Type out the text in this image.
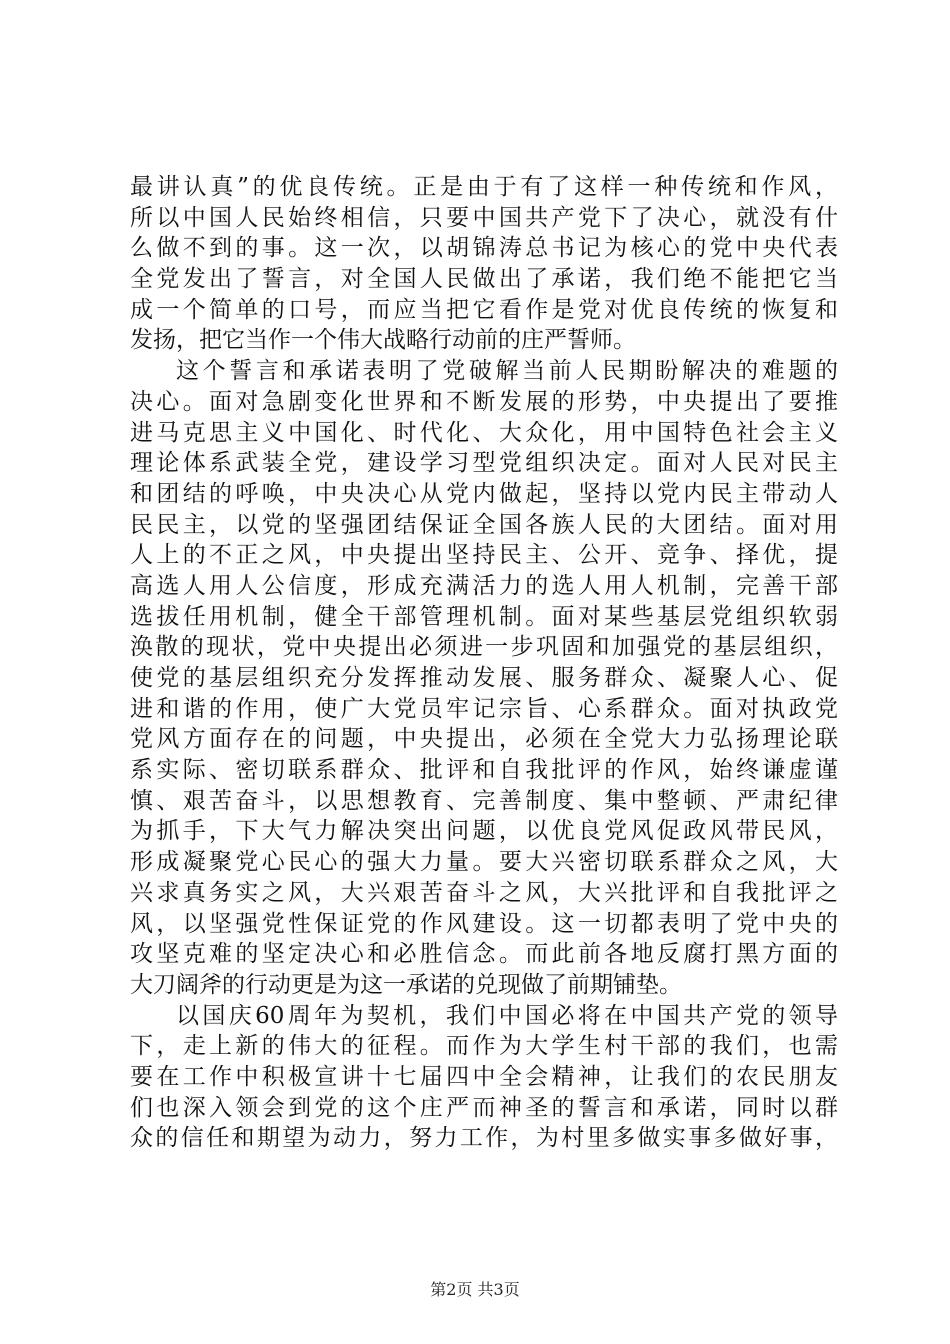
最讲认真”的优良传统。正是由于有了这样一种传统和作风，
所以中国人民始终相信，只要中国共产党下了决心，就没有什
么做不到的事。这一次，以胡锦涛总书记为核心的党中央代表
全党发出了誓言，对全国人民做出了承诺，我们绝不能把它当
成一个简单的口号，而应当把它看作是党对优良传统的恢复和
发扬，把它当作一个伟大战略行动前的庄严誓师。
这个誓言和承诺表明了党破解当前人民期盼解决的难题的
决心。面对急剧变化世界和不断发展的形势，中央提出了要推
进马克思主义中国化、时代化、大众化，用中国特色社会主义
理论体系武装全党，建设学习型党组织决定。面对人民对民主
和团结的呼唤，中央决心从党内做起，坚持以党内民主带动人
民民主，以党的坚强团结保证全国各族人民的大团结。面对用
人上的不正之风，中央提出坚持民主、公开、竞争、择优，提
高选人用人公信度，形成充满活力的选人用人机制，完善干部
选拔任用机制，健全干部管理机制。面对某些基层党组织软弱
涣散的现状，党中央提出必须进一步巩固和加强党的基层组织，
使党的基层组织充分发挥推动发展、服务群众、凝聚人心、促
进和谐的作用，使广大党员牢记宗旨、心系群众。面对执政党
党风方面存在的问题，中央提出，必须在全党大力弘扬理论联
系实际、密切联系群众、批评和自我批评的作风，始终谦虚谨
慎、艰苦奋斗，以思想教育、完善制度、集中整顿、严肃纪律
为抓手，下大气力解决突出问题，以优良党风促政风带民风，
形成凝聚党心民心的强大力量。要大兴密切联系群众之风，大
兴求真务实之风，大兴艰苦奋斗之风，大兴批评和自我批评之
风，以坚强党性保证党的作风建设。这一切都表明了党中央的
攻坚克难的坚定决心和必胜信念。而此前各地反腐打黑方面的
大刀阔斧的行动更是为这一承诺的兑现做了前期铺垫。
以国庆60周年为契机，我们中国必将在中国共产党的领导
下，走上新的伟大的征程。而作为大学生村干部的我们，也需
要在工作中积极宣讲十七届四中全会精神，让我们的农民朋友
们也深入领会到党的这个庄严而神圣的誓言和承诺，同时以群
众的信任和期望为动力，努力工作，为村里多做实事多做好事，
第2页 共3页
